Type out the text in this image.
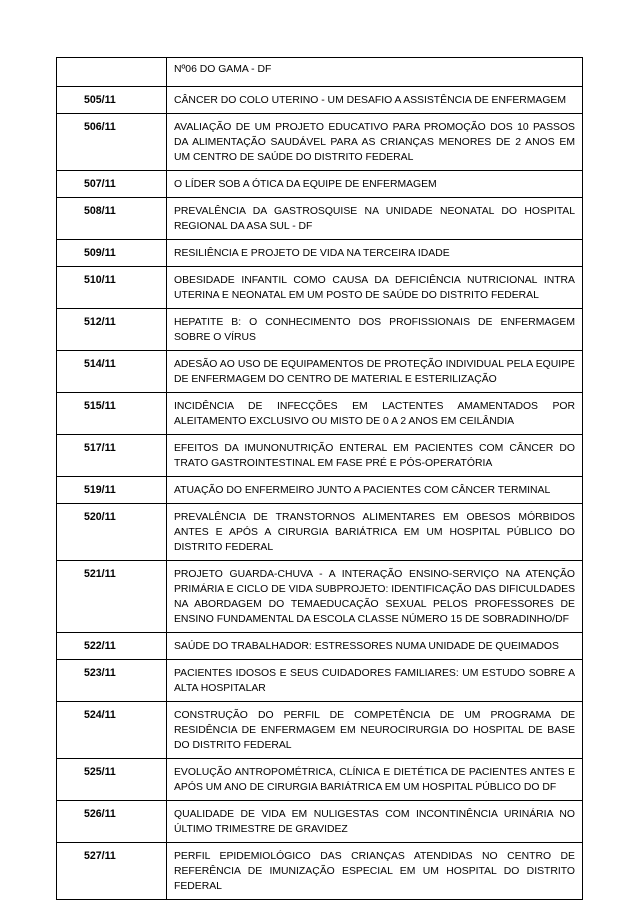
	Nº06 DO GAMA - DF
505/11	CÂNCER DO COLO UTERINO - UM DESAFIO A ASSISTÊNCIA DE ENFERMAGEM
506/11	AVALIAÇÃO DE UM PROJETO EDUCATIVO PARA PROMOÇÃO DOS 10 PASSOS DA ALIMENTAÇÃO SAUDÁVEL PARA AS CRIANÇAS MENORES DE 2 ANOS EM UM CENTRO DE SAÚDE DO DISTRITO FEDERAL
507/11	O LÍDER SOB A ÓTICA DA EQUIPE DE ENFERMAGEM
508/11	PREVALÊNCIA DA GASTROSQUISE NA UNIDADE NEONATAL DO HOSPITAL REGIONAL DA ASA SUL - DF
509/11	RESILIÊNCIA E PROJETO DE VIDA NA TERCEIRA IDADE
510/11	OBESIDADE INFANTIL COMO CAUSA DA DEFICIÊNCIA NUTRICIONAL INTRA UTERINA E NEONATAL EM UM POSTO DE SAÚDE DO DISTRITO FEDERAL
512/11	HEPATITE B: O CONHECIMENTO DOS PROFISSIONAIS DE ENFERMAGEM SOBRE O VÍRUS
514/11	ADESÃO AO USO DE EQUIPAMENTOS DE PROTEÇÃO INDIVIDUAL PELA EQUIPE DE ENFERMAGEM DO CENTRO DE MATERIAL E ESTERILIZAÇÃO
515/11	INCIDÊNCIA DE INFECÇÕES EM LACTENTES AMAMENTADOS POR ALEITAMENTO EXCLUSIVO OU MISTO DE 0 A 2 ANOS EM CEILÂNDIA
517/11	EFEITOS DA IMUNONUTRIÇÃO ENTERAL EM PACIENTES COM CÂNCER DO TRATO GASTROINTESTINAL EM FASE PRÉ E PÓS-OPERATÓRIA
519/11	ATUAÇÃO DO ENFERMEIRO JUNTO A PACIENTES COM CÂNCER TERMINAL
520/11	PREVALÊNCIA DE TRANSTORNOS ALIMENTARES EM OBESOS MÓRBIDOS ANTES E APÓS A CIRURGIA BARIÁTRICA EM UM HOSPITAL PÚBLICO DO DISTRITO FEDERAL
521/11	PROJETO GUARDA-CHUVA - A INTERAÇÃO ENSINO-SERVIÇO NA ATENÇÃO PRIMÁRIA E CICLO DE VIDA SUBPROJETO: IDENTIFICAÇÃO DAS DIFICULDADES NA ABORDAGEM DO TEMAEDUCAÇÃO SEXUAL PELOS PROFESSORES DE ENSINO FUNDAMENTAL DA ESCOLA CLASSE NÚMERO 15 DE SOBRADINHO/DF
522/11	SAÚDE DO TRABALHADOR: ESTRESSORES NUMA UNIDADE DE QUEIMADOS
523/11	PACIENTES IDOSOS E SEUS CUIDADORES FAMILIARES: UM ESTUDO SOBRE A ALTA HOSPITALAR
524/11	CONSTRUÇÃO DO PERFIL DE COMPETÊNCIA DE UM PROGRAMA DE RESIDÊNCIA DE ENFERMAGEM EM NEUROCIRURGIA DO HOSPITAL DE BASE DO DISTRITO FEDERAL
525/11	EVOLUÇÃO ANTROPOMÉTRICA, CLÍNICA E DIETÉTICA DE PACIENTES ANTES E APÓS UM ANO DE CIRURGIA BARIÁTRICA EM UM HOSPITAL PÚBLICO DO DF
526/11	QUALIDADE DE VIDA EM NULIGESTAS COM INCONTINÊNCIA URINÁRIA NO ÚLTIMO TRIMESTRE DE GRAVIDEZ
527/11	PERFIL EPIDEMIOLÓGICO DAS CRIANÇAS ATENDIDAS NO CENTRO DE REFERÊNCIA DE IMUNIZAÇÃO ESPECIAL EM UM HOSPITAL DO DISTRITO FEDERAL
